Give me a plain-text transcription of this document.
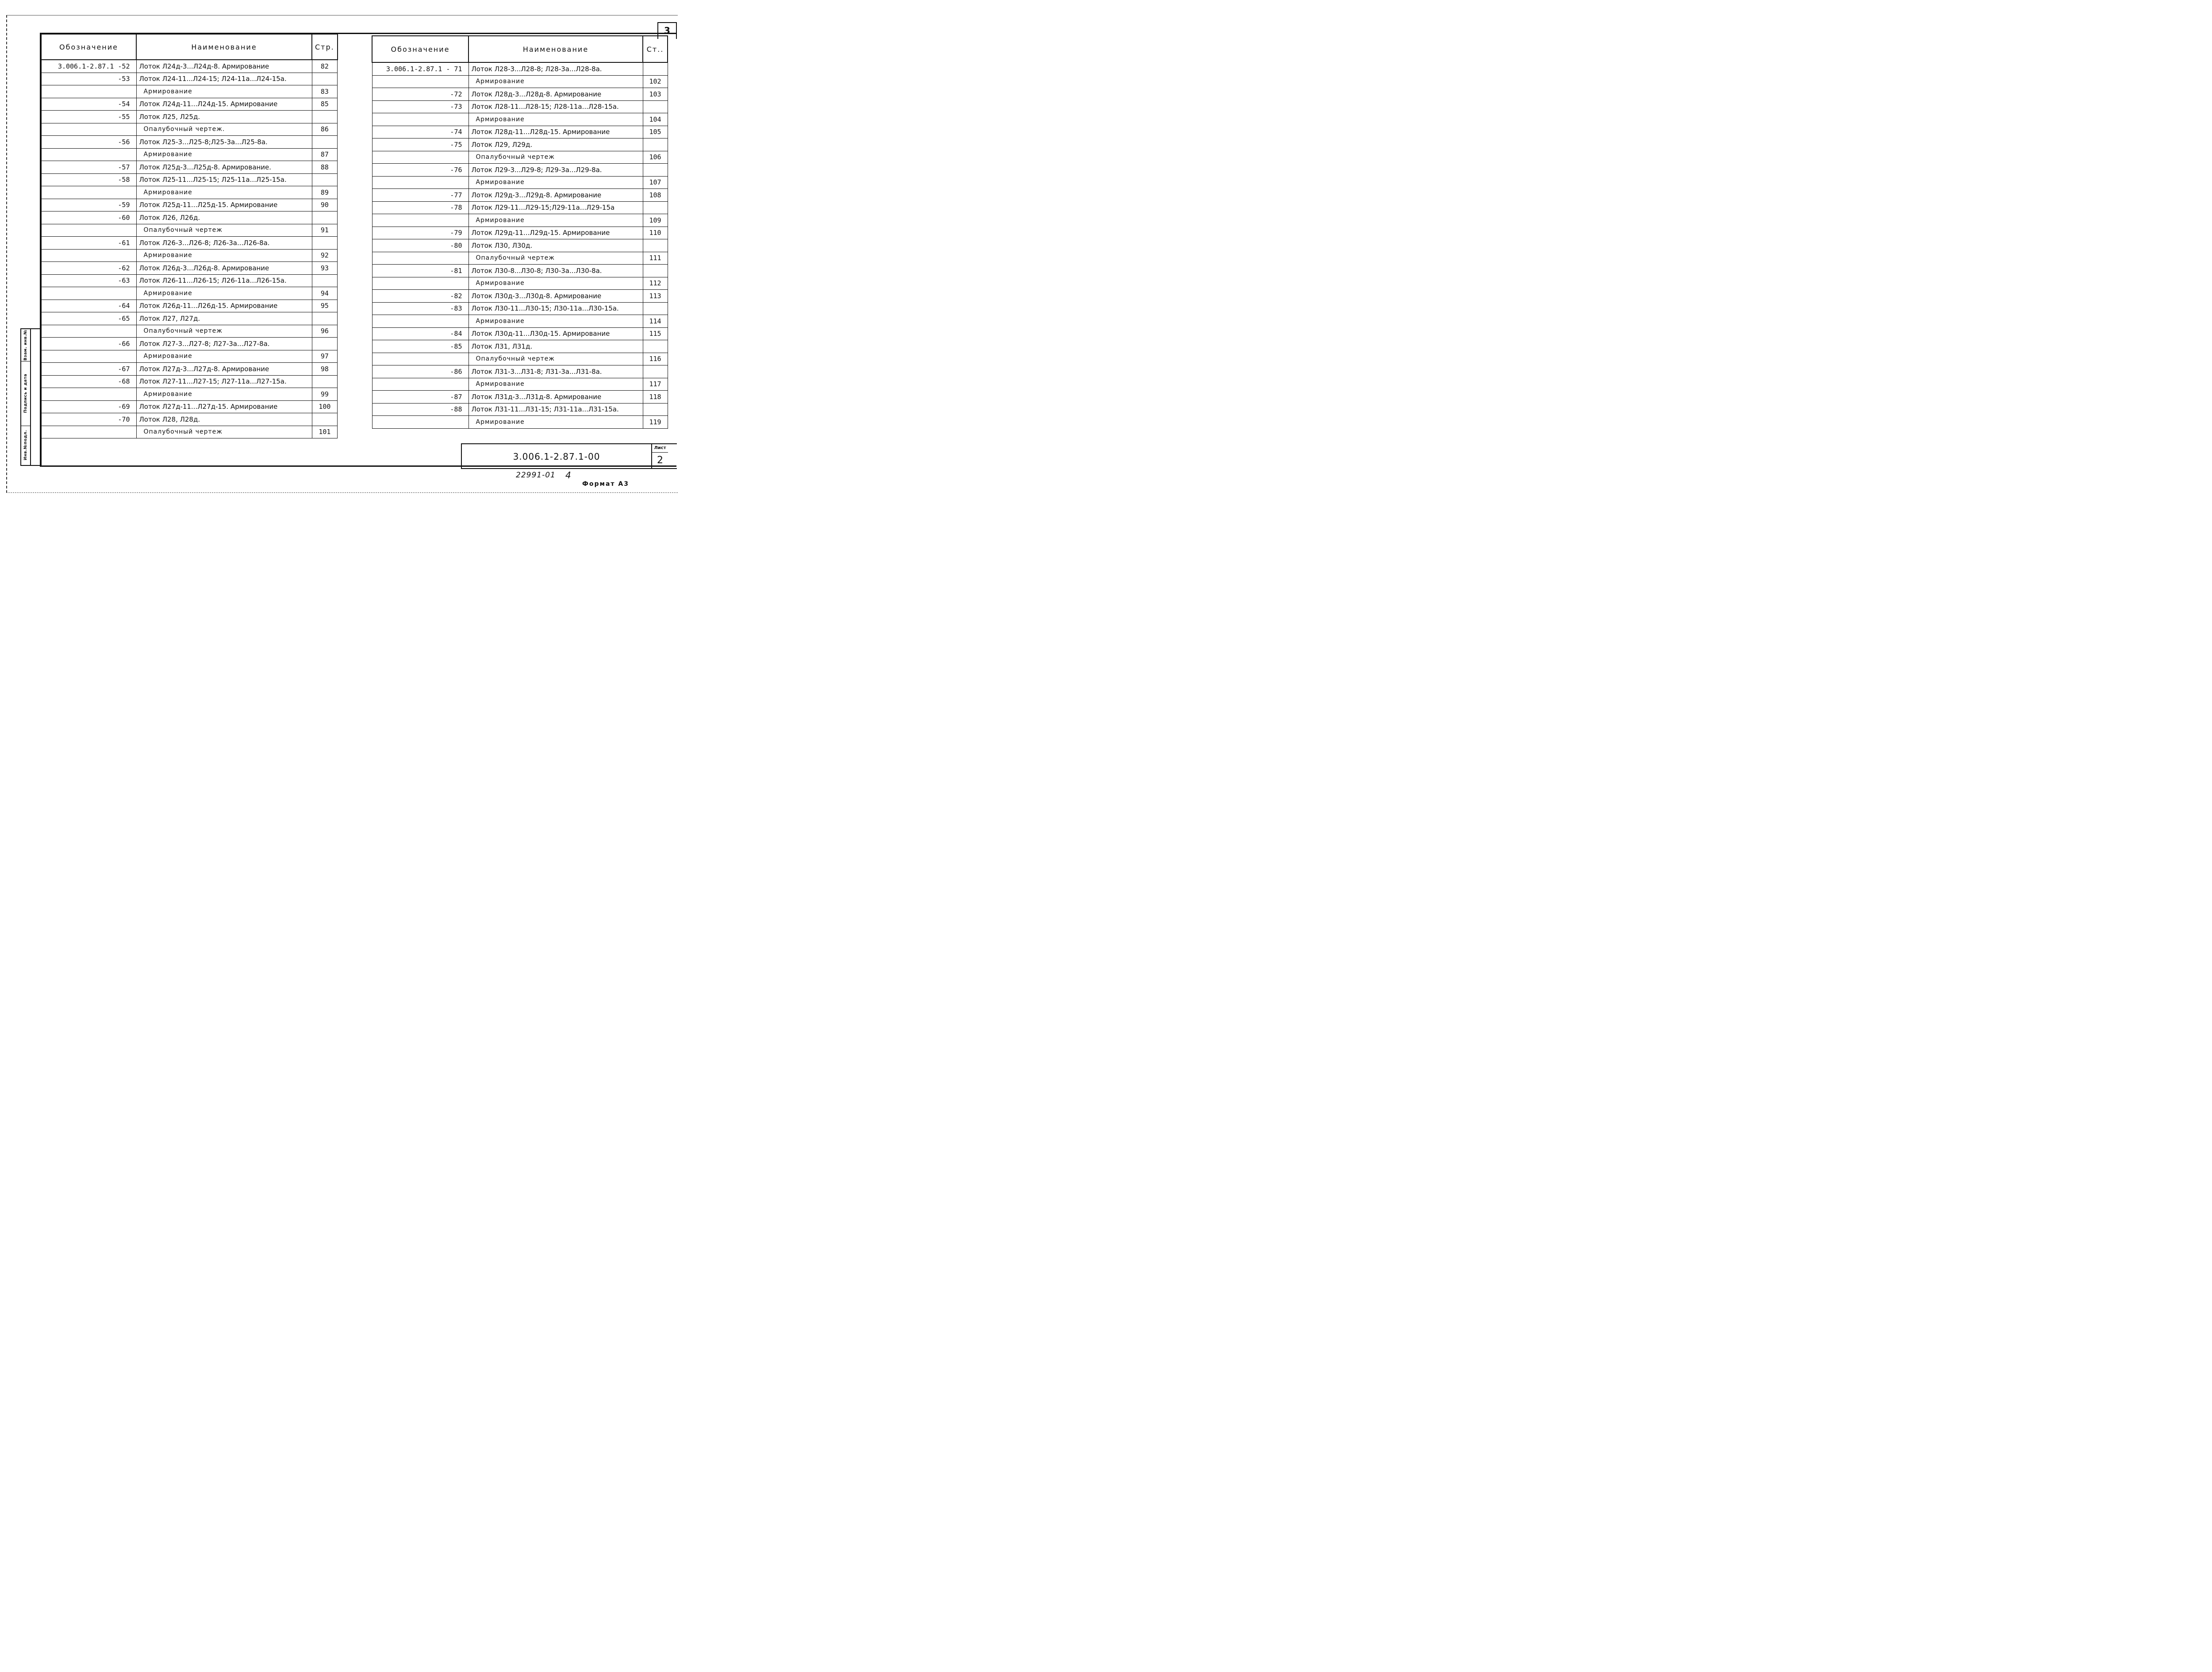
3
Инв.№подл.
Подпись и дата
Взам. инв.№
Обозначение	Наименование	Стр.
3.006.1-2.87.1 -52	Лоток Л24д-3...Л24д-8. Армирование	82
-53	Лоток Л24-11...Л24-15; Л24-11а...Л24-15а.	
	Армирование	83
-54	Лоток Л24д-11...Л24д-15. Армирование	85
-55	Лоток Л25, Л25д.	
	Опалубочный чертеж.	86
-56	Лоток Л25-3...Л25-8;Л25-3а...Л25-8а.	
	Армирование	87
-57	Лоток Л25д-3...Л25д-8. Армирование.	88
-58	Лоток Л25-11...Л25-15; Л25-11а...Л25-15а.	
	Армирование	89
-59	Лоток Л25д-11...Л25д-15. Армирование	90
-60	Лоток Л26, Л26д.	
	Опалубочный чертеж	91
-61	Лоток Л26-3...Л26-8; Л26-3а...Л26-8а.	
	Армирование	92
-62	Лоток Л26д-3...Л26д-8. Армирование	93
-63	Лоток Л26-11...Л26-15; Л26-11а...Л26-15а.	
	Армирование	94
-64	Лоток Л26д-11...Л26д-15. Армирование	95
-65	Лоток Л27, Л27д.	
	Опалубочный чертеж	96
-66	Лоток Л27-3...Л27-8; Л27-3а...Л27-8а.	
	Армирование	97
-67	Лоток Л27д-3...Л27д-8. Армирование	98
-68	Лоток Л27-11...Л27-15; Л27-11а...Л27-15а.	
	Армирование	99
-69	Лоток Л27д-11...Л27д-15. Армирование	100
-70	Лоток Л28, Л28д.	
	Опалубочный чертеж	101
Обозначение	Наименование	Ст..
3.006.1-2.87.1 - 71	Лоток Л28-3...Л28-8; Л28-3а...Л28-8а.	
	Армирование	102
-72	Лоток Л28д-3...Л28д-8. Армирование	103
-73	Лоток Л28-11...Л28-15; Л28-11а...Л28-15а.	
	Армирование	104
-74	Лоток Л28д-11...Л28д-15. Армирование	105
-75	Лоток Л29, Л29д.	
	Опалубочный чертеж	106
-76	Лоток Л29-3...Л29-8; Л29-3а...Л29-8а.	
	Армирование	107
-77	Лоток Л29д-3...Л29д-8. Армирование	108
-78	Лоток Л29-11...Л29-15;Л29-11а...Л29-15а	
	Армирование	109
-79	Лоток Л29д-11...Л29д-15. Армирование	110
-80	Лоток Л30, Л30д.	
	Опалубочный чертеж	111
-81	Лоток Л30-8...Л30-8; Л30-3а...Л30-8а.	
	Армирование	112
-82	Лоток Л30д-3...Л30д-8. Армирование	113
-83	Лоток Л30-11...Л30-15; Л30-11а...Л30-15а.	
	Армирование	114
-84	Лоток Л30д-11...Л30д-15. Армирование	115
-85	Лоток Л31, Л31д.	
	Опалубочный чертеж	116
-86	Лоток Л31-3...Л31-8; Л31-3а...Л31-8а.	
	Армирование	117
-87	Лоток Л31д-3...Л31д-8. Армирование	118
-88	Лоток Л31-11...Л31-15; Л31-11а...Л31-15а.	
	Армирование	119
3.006.1-2.87.1-00
Лист
2
22991-01 4
Формат А3
